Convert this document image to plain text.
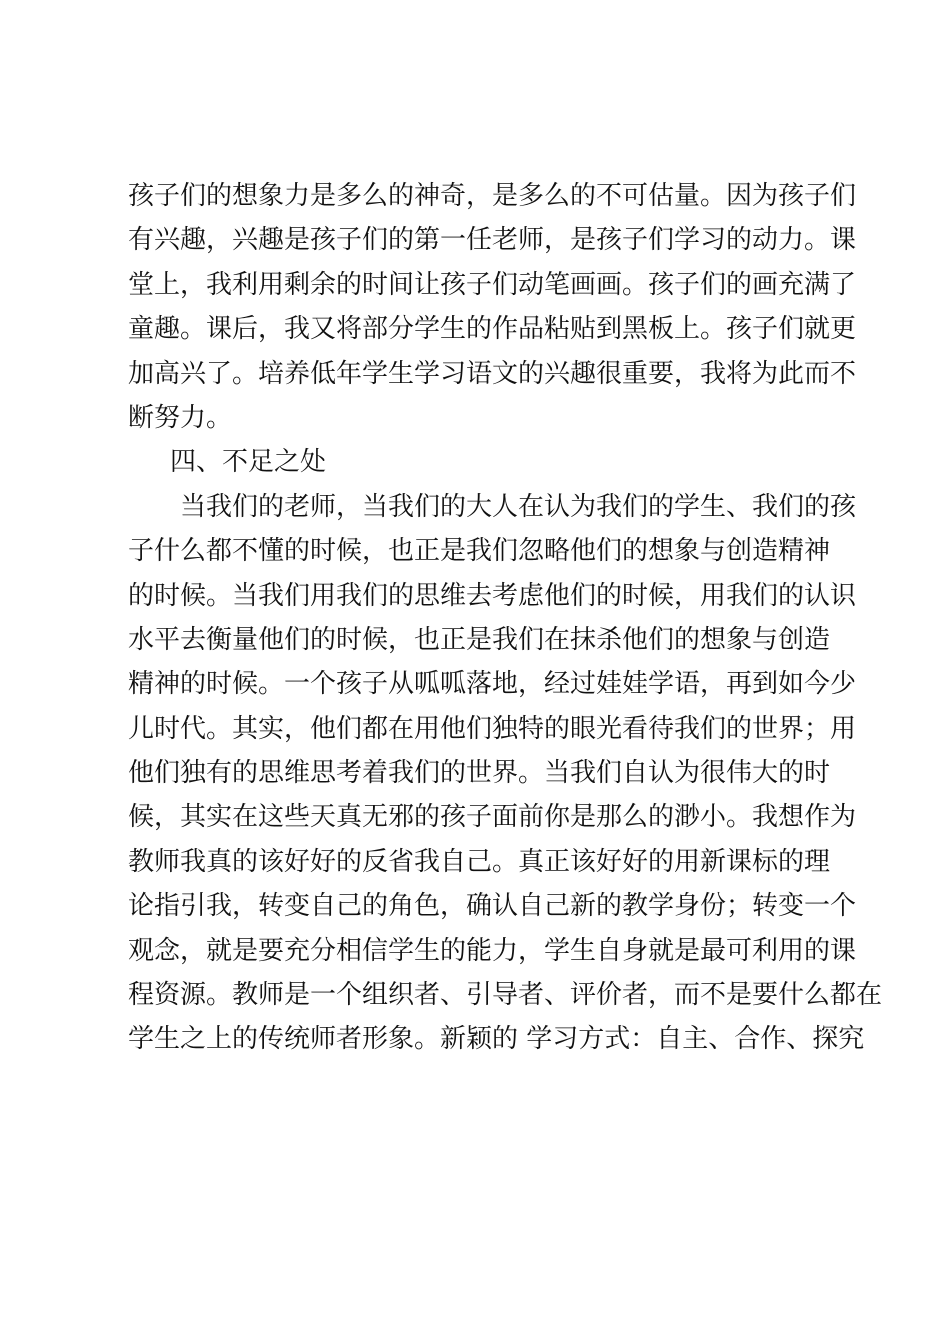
孩子们的想象力是多么的神奇，是多么的不可估量。因为孩子们
有兴趣，兴趣是孩子们的第一任老师，是孩子们学习的动力。课
堂上，我利用剩余的时间让孩子们动笔画画。孩子们的画充满了
童趣。课后，我又将部分学生的作品粘贴到黑板上。孩子们就更
加高兴了。培养低年学生学习语文的兴趣很重要，我将为此而不
断努力。
四、不足之处
当我们的老师，当我们的大人在认为我们的学生、我们的孩
子什么都不懂的时候，也正是我们忽略他们的想象与创造精神
的时候。当我们用我们的思维去考虑他们的时候，用我们的认识
水平去衡量他们的时候，也正是我们在抹杀他们的想象与创造
精神的时候。一个孩子从呱呱落地，经过娃娃学语，再到如今少
儿时代。其实，他们都在用他们独特的眼光看待我们的世界；用
他们独有的思维思考着我们的世界。当我们自认为很伟大的时
候，其实在这些天真无邪的孩子面前你是那么的渺小。我想作为
教师我真的该好好的反省我自己。真正该好好的用新课标的理
论指引我，转变自己的角色，确认自己新的教学身份；转变一个
观念，就是要充分相信学生的能力，学生自身就是最可利用的课
程资源。教师是一个组织者、引导者、评价者，而不是要什么都在
学生之上的传统师者形象。新颖的 学习方式：自主、合作、探究
